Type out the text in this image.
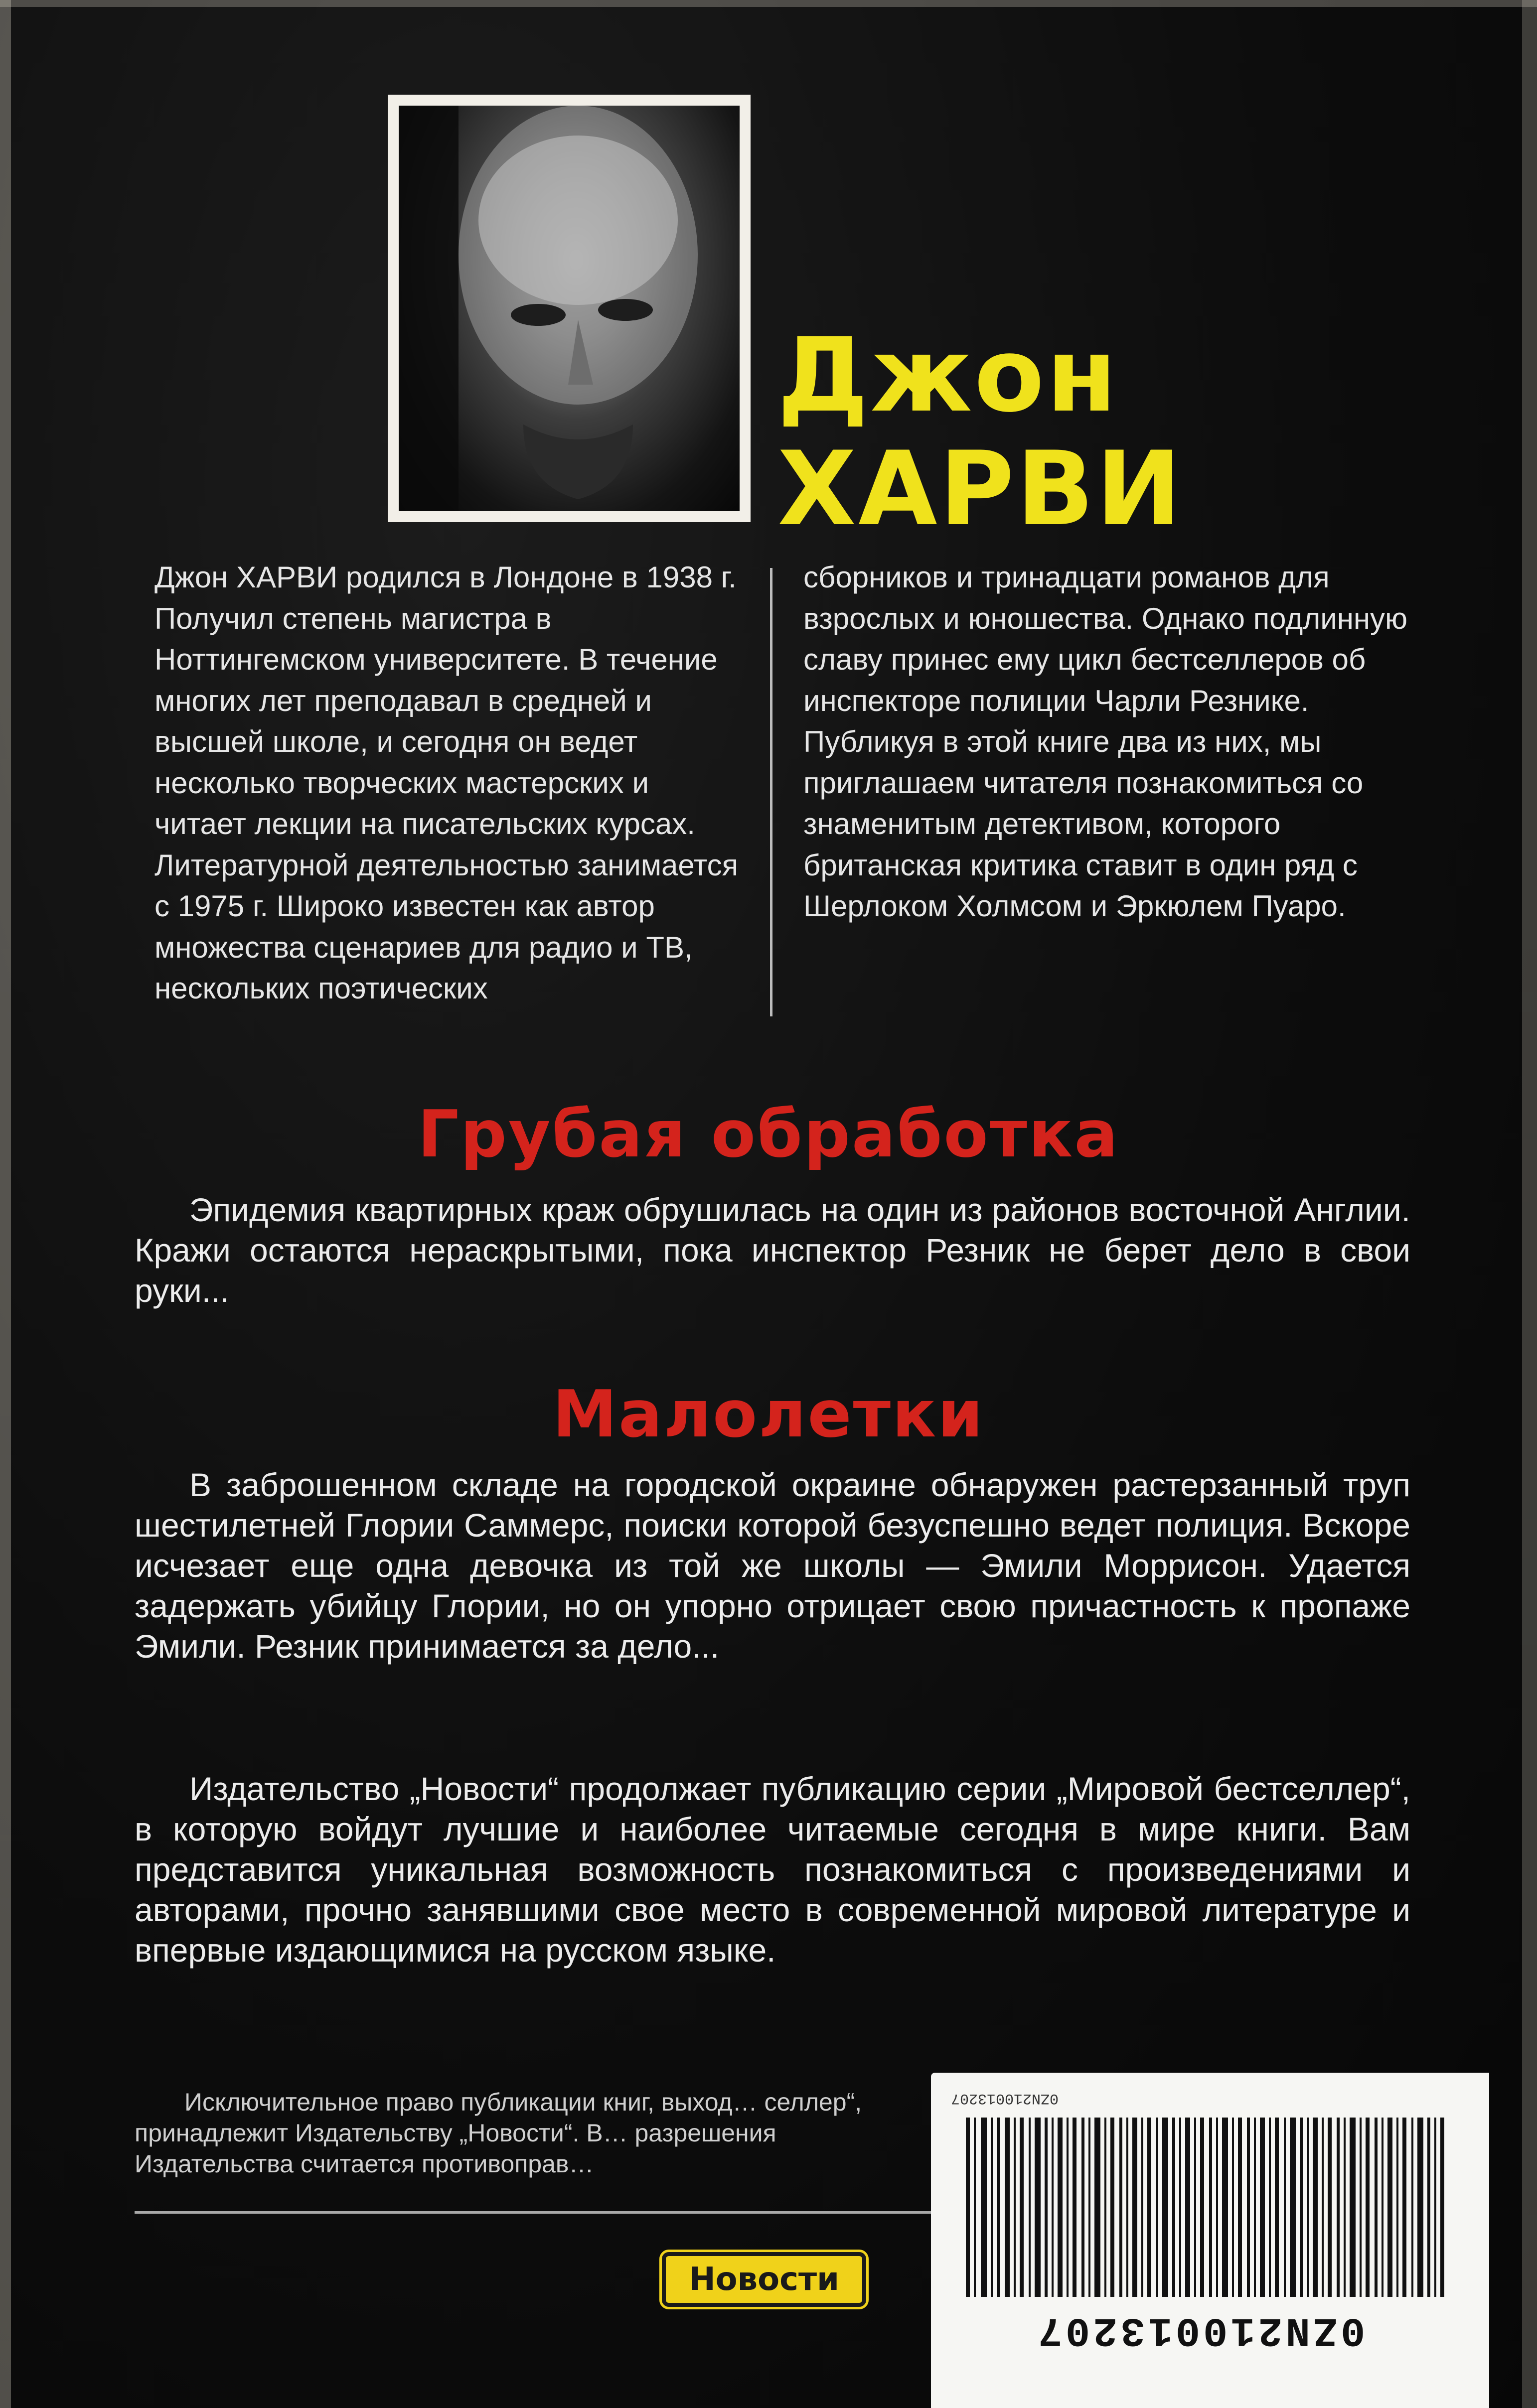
Джон
ХАРВИ
Джон ХАРВИ родился в Лондоне в 1938 г. Получил степень магистра в Ноттингемском университете. В течение многих лет преподавал в средней и высшей школе, и сегодня он ведет несколько творческих мастерских и читает лекции на писательских курсах. Литературной деятельностью занимается с 1975 г. Широко известен как автор множества сценариев для радио и ТВ, нескольких поэтических
сборников и тринадцати романов для взрослых и юношества. Однако подлинную славу принес ему цикл бестселлеров об инспекторе полиции Чарли Резнике. Публикуя в этой книге два из них, мы приглашаем читателя познакомиться со знаменитым детективом, которого британская критика ставит в один ряд с Шерлоком Холмсом и Эркюлем Пуаро.
Грубая обработка
Эпидемия квартирных краж обрушилась на один из районов восточной Англии. Кражи остаются нераскрытыми, пока инспектор Резник не берет дело в свои руки...
Малолетки
В заброшенном складе на городской окраине обнаружен растерзанный труп шестилетней Глории Саммерс, поиски которой безуспешно ведет полиция. Вскоре исчезает еще одна девочка из той же школы — Эмили Моррисон. Удается задержать убийцу Глории, но он упорно отрицает свою причастность к пропаже Эмили. Резник принимается за дело...
Издательство „Новости“ продолжает публикацию серии „Мировой бестселлер“, в которую войдут лучшие и наиболее читаемые сегодня в мире книги. Вам представится уникальная возможность познакомиться с произведениями и авторами, прочно занявшими свое место в современной мировой литературе и впервые издающимися на русском языке.
Исключительное право публикации книг, выход… селлер“, принадлежит Издательству „Новости“. В… разрешения Издательства считается противоправ…
Новости
0ZN210013207
0ZN210013207
